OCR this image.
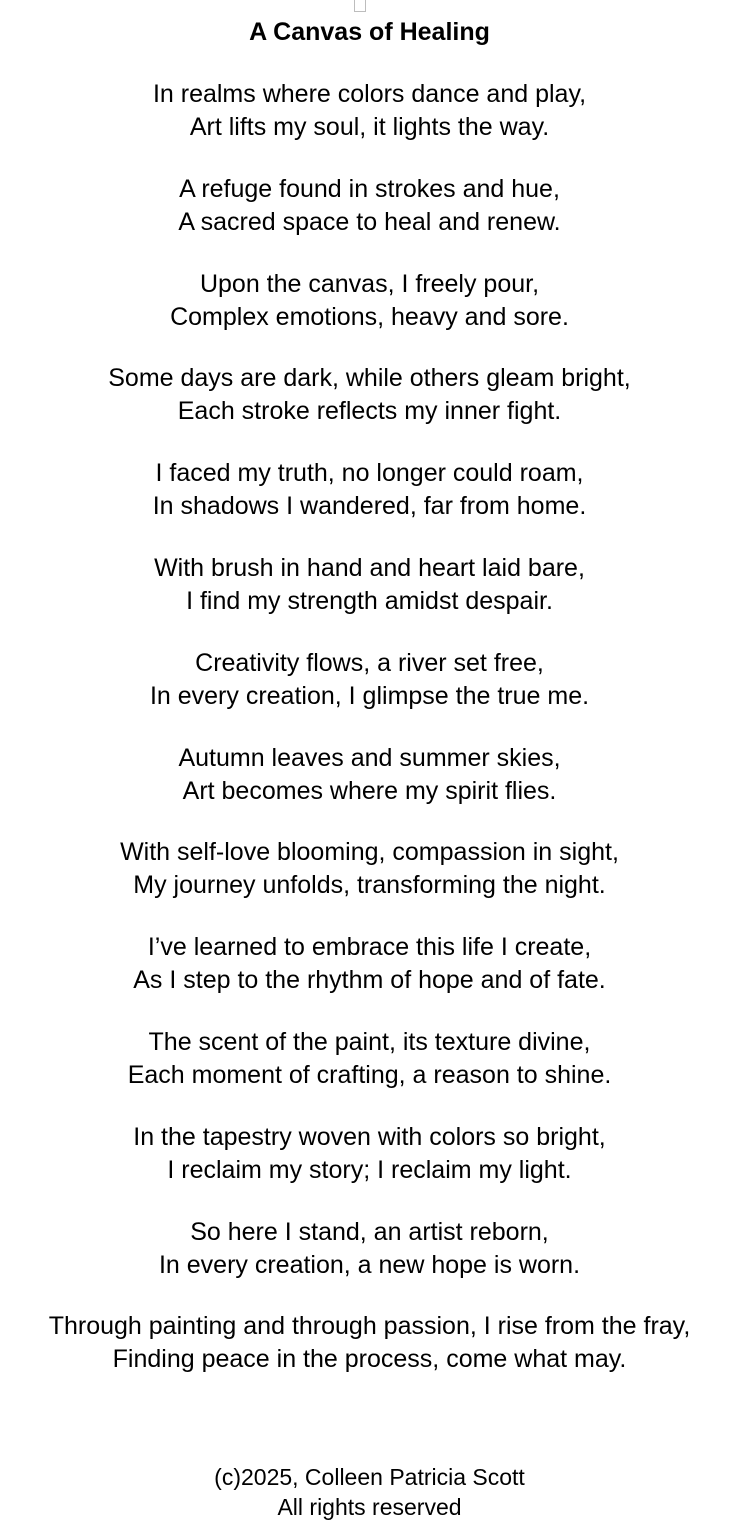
A Canvas of Healing
In realms where colors dance and play,
Art lifts my soul, it lights the way.
A refuge found in strokes and hue,
A sacred space to heal and renew.
Upon the canvas, I freely pour,
Complex emotions, heavy and sore.
Some days are dark, while others gleam bright,
Each stroke reflects my inner fight.
I faced my truth, no longer could roam,
In shadows I wandered, far from home.
With brush in hand and heart laid bare,
I find my strength amidst despair.
Creativity flows, a river set free,
In every creation, I glimpse the true me.
Autumn leaves and summer skies,
Art becomes where my spirit flies.
With self-love blooming, compassion in sight,
My journey unfolds, transforming the night.
I’ve learned to embrace this life I create,
As I step to the rhythm of hope and of fate.
The scent of the paint, its texture divine,
Each moment of crafting, a reason to shine.
In the tapestry woven with colors so bright,
I reclaim my story; I reclaim my light.
So here I stand, an artist reborn,
In every creation, a new hope is worn.
Through painting and through passion, I rise from the fray,
Finding peace in the process, come what may.
(c)2025, Colleen Patricia Scott
All rights reserved
